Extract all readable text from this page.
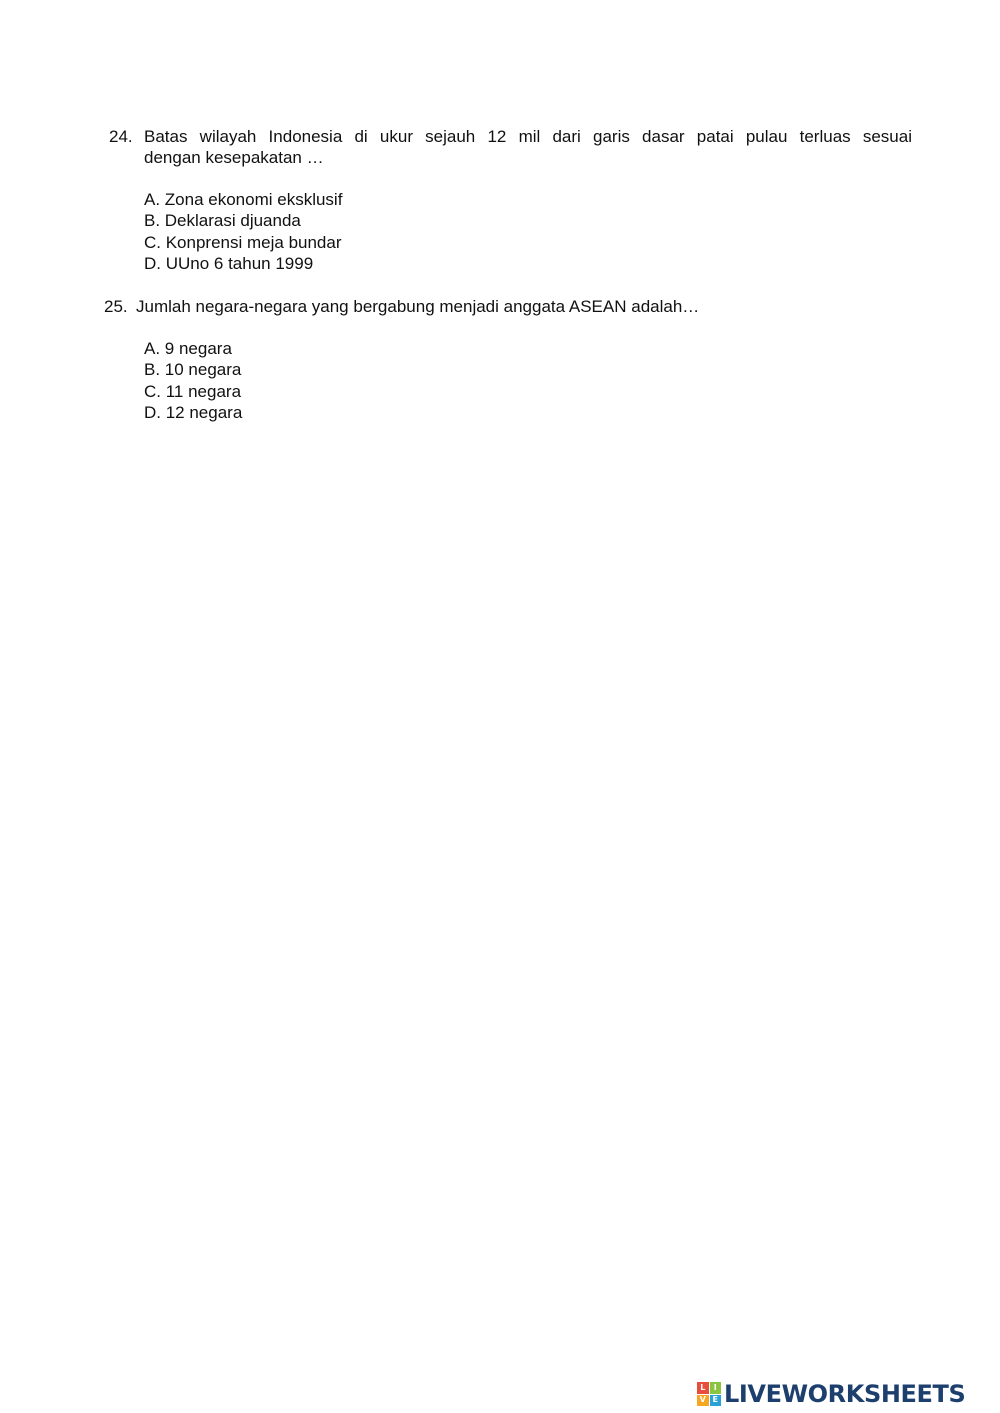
24. Batas wilayah Indonesia di ukur sejauh 12 mil dari garis dasar patai pulau terluas sesuai
dengan kesepakatan …
A. Zona ekonomi eksklusif
B. Deklarasi djuanda
C. Konprensi meja bundar
D. UUno 6 tahun 1999
25. Jumlah negara-negara yang bergabung menjadi anggata ASEAN adalah…
A. 9 negara
B. 10 negara
C. 11 negara
D. 12 negara
L	I
V E LIVEWORKSHEETS
